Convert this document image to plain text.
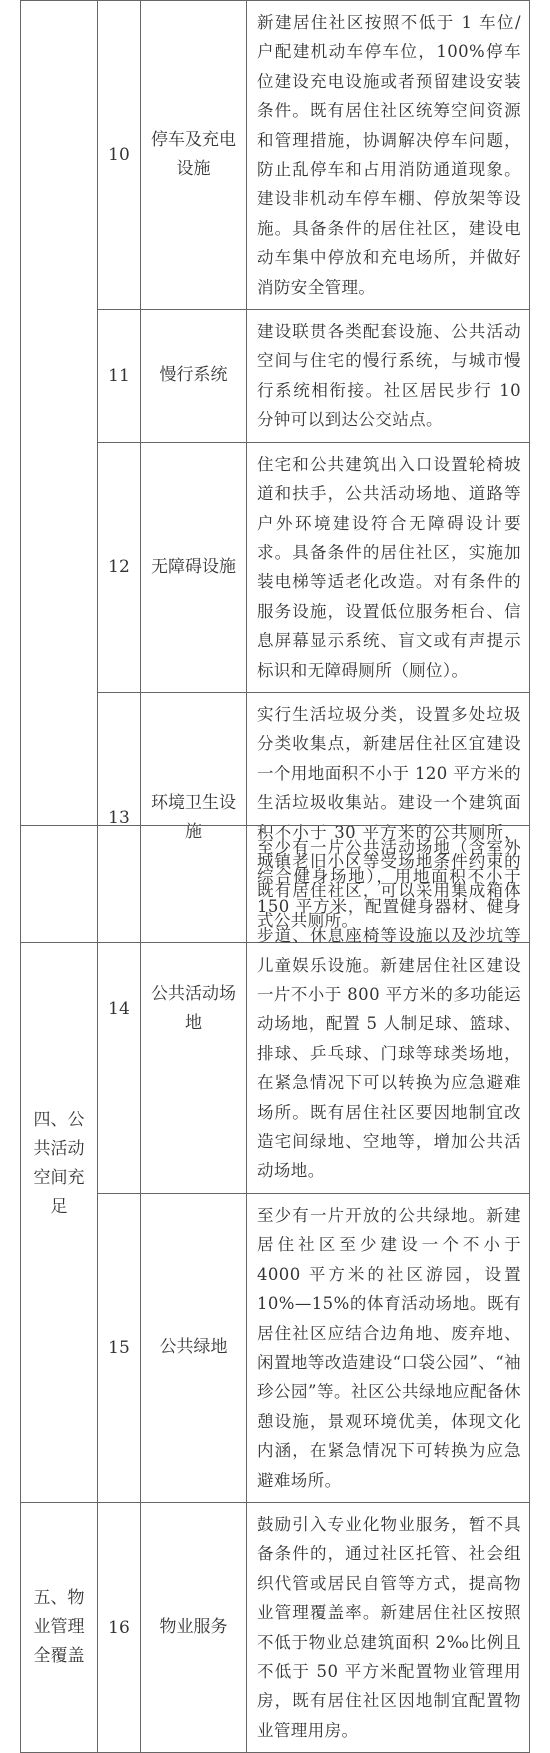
	10	停车及充电设施	新建居住社区按照不低于 1 车位/户配建机动车停车位，100%停车位建设充电设施或者预留建设安装条件。既有居住社区统筹空间资源和管理措施，协调解决停车问题，防止乱停车和占用消防通道现象。建设非机动车停车棚、停放架等设施。具备条件的居住社区，建设电动车集中停放和充电场所，并做好消防安全管理。
	11	慢行系统	建设联贯各类配套设施、公共活动空间与住宅的慢行系统，与城市慢行系统相衔接。社区居民步行 10 分钟可以到达公交站点。
	12	无障碍设施	住宅和公共建筑出入口设置轮椅坡道和扶手，公共活动场地、道路等户外环境建设符合无障碍设计要求。具备条件的居住社区，实施加装电梯等适老化改造。对有条件的服务设施，设置低位服务柜台、信息屏幕显示系统、盲文或有声提示标识和无障碍厕所（厕位）。
	13	环境卫生设施	实行生活垃圾分类，设置多处垃圾分类收集点，新建居住社区宜建设一个用地面积不小于 120 平方米的生活垃圾收集站。建设一个建筑面积不小于 30 平方米的公共厕所，城镇老旧小区等受场地条件约束的既有居住社区，可以采用集成箱体式公共厕所。
四、公共活动空间充足	14	公共活动场地	至少有一片公共活动场地（含室外综合健身场地），用地面积不小于 150 平方米，配置健身器材、健身步道、休息座椅等设施以及沙坑等儿童娱乐设施。新建居住社区建设一片不小于 800 平方米的多功能运动场地，配置 5 人制足球、篮球、排球、乒乓球、门球等球类场地，在紧急情况下可以转换为应急避难场所。既有居住社区要因地制宜改造宅间绿地、空地等，增加公共活动场地。
	15	公共绿地	至少有一片开放的公共绿地。新建居住社区至少建设一个不小于 4000 平方米的社区游园，设置 10%—15%的体育活动场地。既有居住社区应结合边角地、废弃地、闲置地等改造建设“口袋公园”、“袖珍公园”等。社区公共绿地应配备休憩设施，景观环境优美，体现文化内涵，在紧急情况下可转换为应急避难场所。
五、物业管理全覆盖	16	物业服务	鼓励引入专业化物业服务，暂不具备条件的，通过社区托管、社会组织代管或居民自管等方式，提高物业管理覆盖率。新建居住社区按照不低于物业总建筑面积 2‰比例且不低于 50 平方米配置物业管理用房，既有居住社区因地制宜配置物业管理用房。
